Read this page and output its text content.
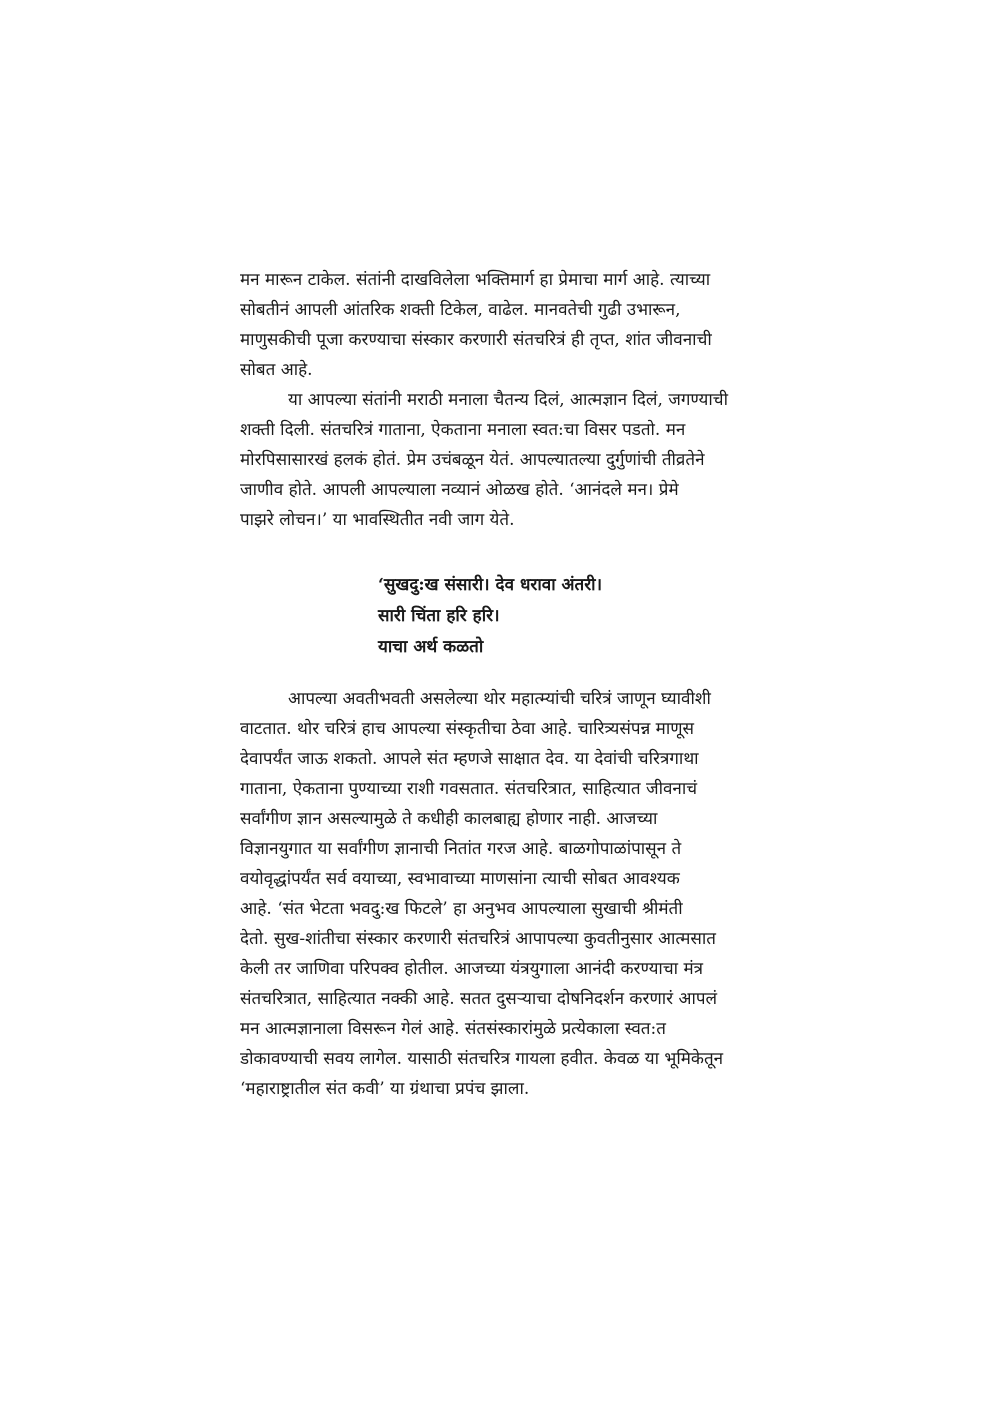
मन मारून टाकेल. संतांनी दाखविलेला भक्तिमार्ग हा प्रेमाचा मार्ग आहे. त्याच्या
सोबतीनं आपली आंतरिक शक्ती टिकेल, वाढेल. मानवतेची गुढी उभारून,
माणुसकीची पूजा करण्याचा संस्कार करणारी संतचरित्रं ही तृप्त, शांत जीवनाची
सोबत आहे.
या आपल्या संतांनी मराठी मनाला चैतन्य दिलं, आत्मज्ञान दिलं, जगण्याची
शक्ती दिली. संतचरित्रं गाताना, ऐकताना मनाला स्वत:चा विसर पडतो. मन
मोरपिसासारखं हलकं होतं. प्रेम उचंबळून येतं. आपल्यातल्या दुर्गुणांची तीव्रतेने
जाणीव होते. आपली आपल्याला नव्यानं ओळख होते. ‘आनंदले मन। प्रेमे
पाझरे लोचन।’ या भावस्थितीत नवी जाग येते.
‘सुखदु:ख संसारी। देव धरावा अंतरी।
सारी चिंता हरि हरि।
याचा अर्थ कळतो
आपल्या अवतीभवती असलेल्या थोर महात्म्यांची चरित्रं जाणून घ्यावीशी
वाटतात. थोर चरित्रं हाच आपल्या संस्कृतीचा ठेवा आहे. चारित्र्यसंपन्न माणूस
देवापर्यंत जाऊ शकतो. आपले संत म्हणजे साक्षात देव. या देवांची चरित्रगाथा
गाताना, ऐकताना पुण्याच्या राशी गवसतात. संतचरित्रात, साहित्यात जीवनाचं
सर्वांगीण ज्ञान असल्यामुळे ते कधीही कालबाह्य होणार नाही. आजच्या
विज्ञानयुगात या सर्वांगीण ज्ञानाची नितांत गरज आहे. बाळगोपाळांपासून ते
वयोवृद्धांपर्यंत सर्व वयाच्या, स्वभावाच्या माणसांना त्याची सोबत आवश्यक
आहे. ‘संत भेटता भवदु:ख फिटले’ हा अनुभव आपल्याला सुखाची श्रीमंती
देतो. सुख-शांतीचा संस्कार करणारी संतचरित्रं आपापल्या कुवतीनुसार आत्मसात
केली तर जाणिवा परिपक्व होतील. आजच्या यंत्रयुगाला आनंदी करण्याचा मंत्र
संतचरित्रात, साहित्यात नक्की आहे. सतत दुसऱ्याचा दोषनिदर्शन करणारं आपलं
मन आत्मज्ञानाला विसरून गेलं आहे. संतसंस्कारांमुळे प्रत्येकाला स्वत:त
डोकावण्याची सवय लागेल. यासाठी संतचरित्र गायला हवीत. केवळ या भूमिकेतून
‘महाराष्ट्रातील संत कवी’ या ग्रंथाचा प्रपंच झाला.
